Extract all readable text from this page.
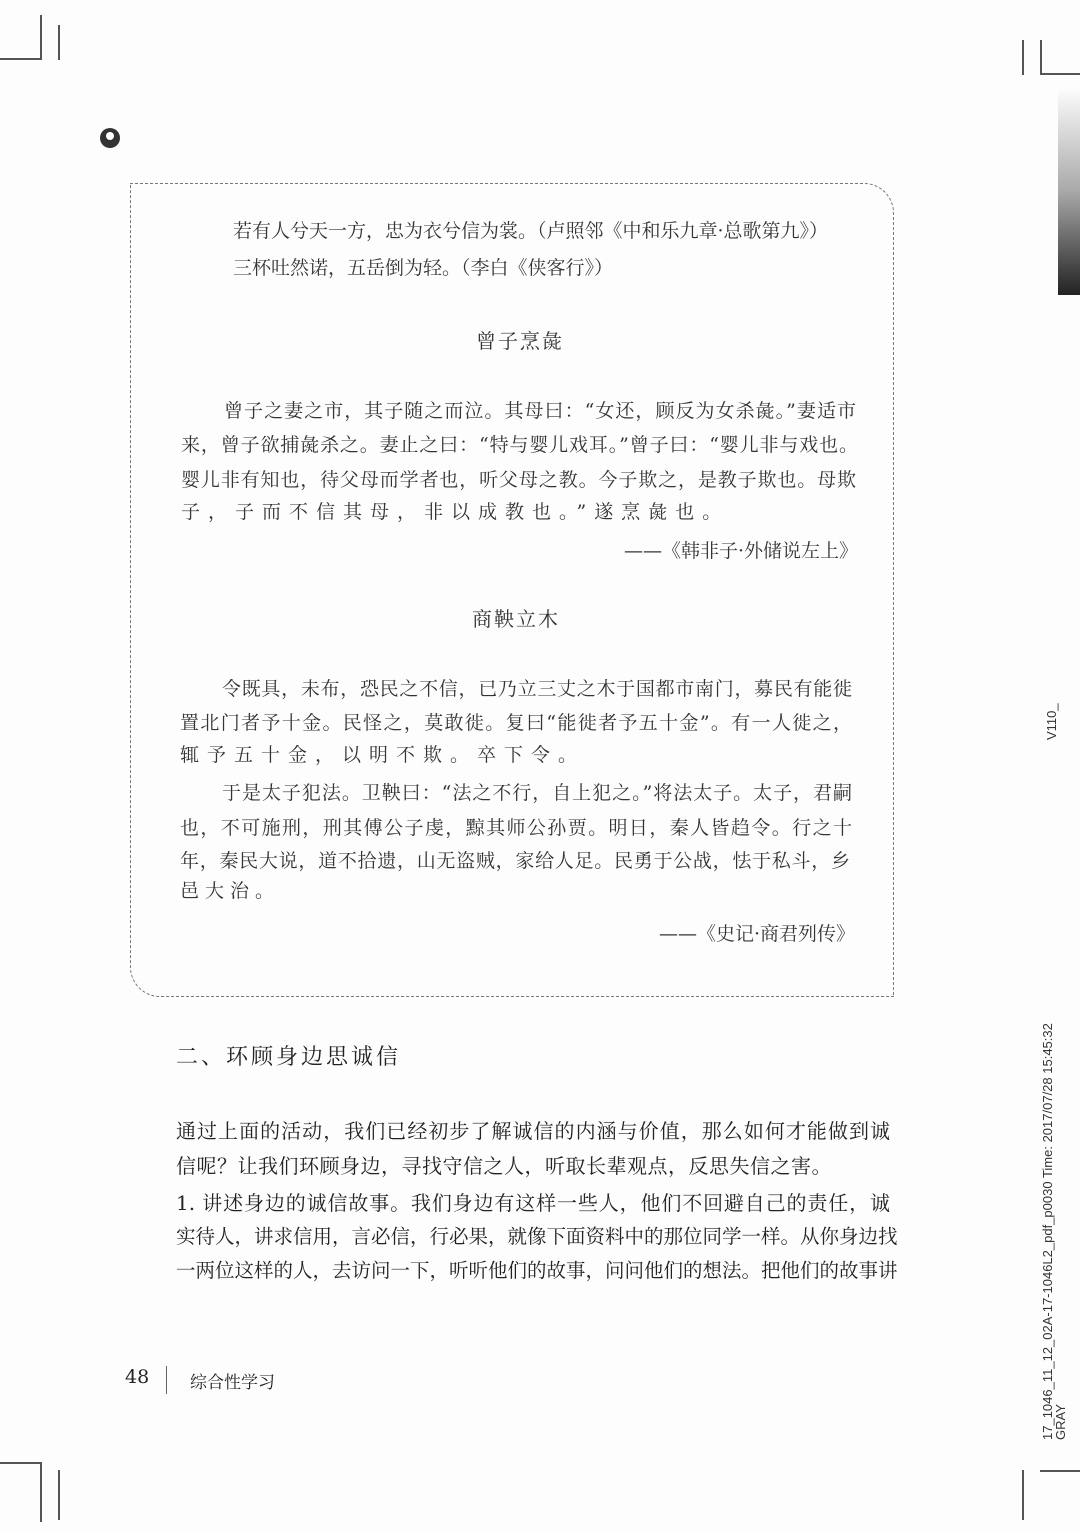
若有人兮天一方，忠为衣兮信为裳。（卢照邻《中和乐九章·总歌第九》）
三杯吐然诺，五岳倒为轻。（李白《侠客行》）
曾子烹彘
曾子之妻之市，其子随之而泣。其母曰：“女还，顾反为女杀彘。”妻适市
来，曾子欲捕彘杀之。妻止之曰：“特与婴儿戏耳。”曾子曰：“婴儿非与戏也。
婴儿非有知也，待父母而学者也，听父母之教。今子欺之，是教子欺也。母欺
子，子而不信其母，非以成教也。”遂烹彘也。
——《韩非子·外储说左上》
商鞅立木
令既具，未布，恐民之不信，已乃立三丈之木于国都市南门，募民有能徙
置北门者予十金。民怪之，莫敢徙。复曰“能徙者予五十金”。有一人徙之，
辄予五十金，以明不欺。卒下令。
于是太子犯法。卫鞅曰：“法之不行，自上犯之。”将法太子。太子，君嗣
也，不可施刑，刑其傅公子虔，黥其师公孙贾。明日，秦人皆趋令。行之十
年，秦民大说，道不拾遗，山无盗贼，家给人足。民勇于公战，怯于私斗，乡
邑大治。
——《史记·商君列传》
二、环顾身边思诚信
通过上面的活动，我们已经初步了解诚信的内涵与价值，那么如何才能做到诚
信呢？让我们环顾身边，寻找守信之人，听取长辈观点，反思失信之害。
1. 讲述身边的诚信故事。我们身边有这样一些人，他们不回避自己的责任，诚
实待人，讲求信用，言必信，行必果，就像下面资料中的那位同学一样。从你身边找
一两位这样的人，去访问一下，听听他们的故事，问问他们的想法。把他们的故事讲
48 综合性学习
V110_
17_1046_11_12_02A-17-1046L2_pdf_p0030 Time: 2017/07/28 15:45:32
GRAY
